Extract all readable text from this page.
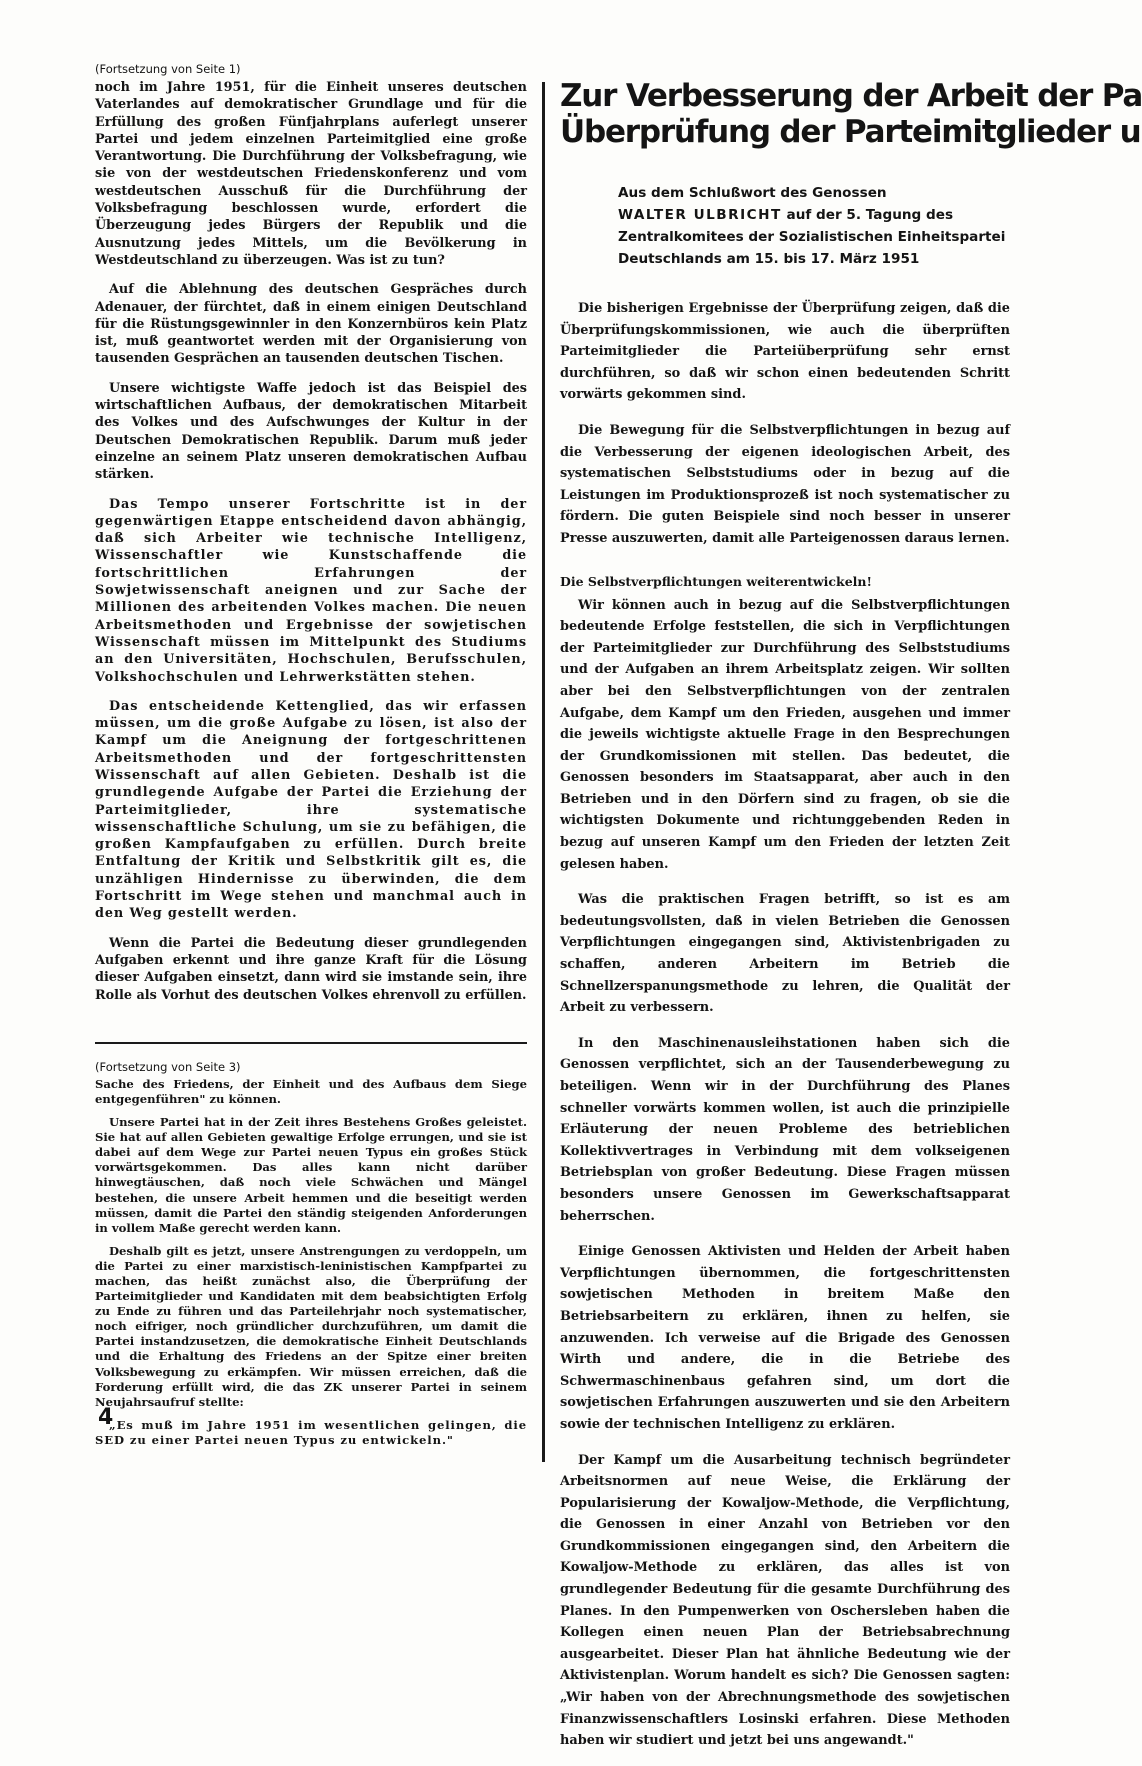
(Fortsetzung von Seite 1)

noch im Jahre 1951, für die Einheit unseres deutschen Vaterlandes auf demokratischer Grundlage und für die Erfüllung des großen Fünfjahrplans auferlegt unserer Partei und jedem einzelnen Parteimitglied eine große Verantwortung. Die Durchführung der Volksbefragung, wie sie von der westdeutschen Friedenskonferenz und vom westdeutschen Ausschuß für die Durchführung der Volksbefragung beschlossen wurde, erfordert die Überzeugung jedes Bürgers der Republik und die Ausnutzung jedes Mittels, um die Bevölkerung in Westdeutschland zu überzeugen. Was ist zu tun?

Auf die Ablehnung des deutschen Gespräches durch Adenauer, der fürchtet, daß in einem einigen Deutschland für die Rüstungsgewinnler in den Konzernbüros kein Platz ist, muß geantwortet werden mit der Organisierung von tausenden Gesprächen an tausenden deutschen Tischen.

Unsere wichtigste Waffe jedoch ist das Beispiel des wirtschaftlichen Aufbaus, der demokratischen Mitarbeit des Volkes und des Aufschwunges der Kultur in der Deutschen Demokratischen Republik. Darum muß jeder einzelne an seinem Platz unseren demokratischen Aufbau stärken.

Das Tempo unserer Fortschritte ist in der gegenwärtigen Etappe entscheidend davon abhängig, daß sich Arbeiter wie technische Intelligenz, Wissenschaftler wie Kunstschaffende die fortschrittlichen Erfahrungen der Sowjetwissenschaft aneignen und zur Sache der Millionen des arbeitenden Volkes machen. Die neuen Arbeitsmethoden und Ergebnisse der sowjetischen Wissenschaft müssen im Mittelpunkt des Studiums an den Universitäten, Hochschulen, Berufsschulen, Volkshochschulen und Lehrwerkstätten stehen.

Das entscheidende Kettenglied, das wir erfassen müssen, um die große Aufgabe zu lösen, ist also der Kampf um die Aneignung der fortgeschrittenen Arbeitsmethoden und der fortgeschrittensten Wissenschaft auf allen Gebieten. Deshalb ist die grundlegende Aufgabe der Partei die Erziehung der Parteimitglieder, ihre systematische wissenschaftliche Schulung, um sie zu befähigen, die großen Kampfaufgaben zu erfüllen. Durch breite Entfaltung der Kritik und Selbstkritik gilt es, die unzähligen Hindernisse zu überwinden, die dem Fortschritt im Wege stehen und manchmal auch in den Weg gestellt werden.

Wenn die Partei die Bedeutung dieser grundlegenden Aufgaben erkennt und ihre ganze Kraft für die Lösung dieser Aufgaben einsetzt, dann wird sie imstande sein, ihre Rolle als Vorhut des deutschen Volkes ehrenvoll zu erfüllen.

(Fortsetzung von Seite 3)

Sache des Friedens, der Einheit und des Aufbaus dem Siege entgegenführen" zu können.

Unsere Partei hat in der Zeit ihres Bestehens Großes geleistet. Sie hat auf allen Gebieten gewaltige Erfolge errungen, und sie ist dabei auf dem Wege zur Partei neuen Typus ein großes Stück vorwärtsgekommen. Das alles kann nicht darüber hinwegtäuschen, daß noch viele Schwächen und Mängel bestehen, die unsere Arbeit hemmen und die beseitigt werden müssen, damit die Partei den ständig steigenden Anforderungen in vollem Maße gerecht werden kann.

Deshalb gilt es jetzt, unsere Anstrengungen zu verdoppeln, um die Partei zu einer marxistisch-leninistischen Kampfpartei zu machen, das heißt zunächst also, die Überprüfung der Parteimitglieder und Kandidaten mit dem beabsichtigten Erfolg zu Ende zu führen und das Parteilehrjahr noch systematischer, noch eifriger, noch gründlicher durchzuführen, um damit die Partei instandzusetzen, die demokratische Einheit Deutschlands und die Erhaltung des Friedens an der Spitze einer breiten Volksbewegung zu erkämpfen. Wir müssen erreichen, daß die Forderung erfüllt wird, die das ZK unserer Partei in seinem Neujahrsaufruf stellte:

„Es muß im Jahre 1951 im wesentlichen gelingen, die SED zu einer Partei neuen Typus zu entwickeln."

Zur Verbesserung der Arbeit der Pa
Überprüfung der Parteimitglieder u
Aus dem Schlußwort des Genossen
WALTER ULBRICHT auf der 5. Tagung des
Zentralkomitees der Sozialistischen Einheitspartei
Deutschlands am 15. bis 17. März 1951

Die bisherigen Ergebnisse der Überprüfung zeigen, daß die Überprüfungskommissionen, wie auch die überprüften Parteimitglieder die Parteiüberprüfung sehr ernst durchführen, so daß wir schon einen bedeutenden Schritt vorwärts gekommen sind.

Die Bewegung für die Selbstverpflichtungen in bezug auf die Verbesserung der eigenen ideologischen Arbeit, des systematischen Selbststudiums oder in bezug auf die Leistungen im Produktionsprozeß ist noch systematischer zu fördern. Die guten Beispiele sind noch besser in unserer Presse auszuwerten, damit alle Parteigenossen daraus lernen.

Die Selbstverpflichtungen weiterentwickeln!

Wir können auch in bezug auf die Selbstverpflichtungen bedeutende Erfolge feststellen, die sich in Verpflichtungen der Parteimitglieder zur Durchführung des Selbststudiums und der Aufgaben an ihrem Arbeitsplatz zeigen. Wir sollten aber bei den Selbstverpflichtungen von der zentralen Aufgabe, dem Kampf um den Frieden, ausgehen und immer die jeweils wichtigste aktuelle Frage in den Besprechungen der Grundkomissionen mit stellen. Das bedeutet, die Genossen besonders im Staatsapparat, aber auch in den Betrieben und in den Dörfern sind zu fragen, ob sie die wichtigsten Dokumente und richtunggebenden Reden in bezug auf unseren Kampf um den Frieden der letzten Zeit gelesen haben.

Was die praktischen Fragen betrifft, so ist es am bedeutungsvollsten, daß in vielen Betrieben die Genossen Verpflichtungen eingegangen sind, Aktivistenbrigaden zu schaffen, anderen Arbeitern im Betrieb die Schnellzerspanungsmethode zu lehren, die Qualität der Arbeit zu verbessern.

In den Maschinenausleihstationen haben sich die Genossen verpflichtet, sich an der Tausenderbewegung zu beteiligen. Wenn wir in der Durchführung des Planes schneller vorwärts kommen wollen, ist auch die prinzipielle Erläuterung der neuen Probleme des betrieblichen Kollektivvertrages in Verbindung mit dem volkseigenen Betriebsplan von großer Bedeutung. Diese Fragen müssen besonders unsere Genossen im Gewerkschaftsapparat beherrschen.

Einige Genossen Aktivisten und Helden der Arbeit haben Verpflichtungen übernommen, die fortgeschrittensten sowjetischen Methoden in breitem Maße den Betriebsarbeitern zu erklären, ihnen zu helfen, sie anzuwenden. Ich verweise auf die Brigade des Genossen Wirth und andere, die in die Betriebe des Schwermaschinenbaus gefahren sind, um dort die sowjetischen Erfahrungen auszuwerten und sie den Arbeitern sowie der technischen Intelligenz zu erklären.

Der Kampf um die Ausarbeitung technisch begründeter Arbeitsnormen auf neue Weise, die Erklärung der Popularisierung der Kowaljow-Methode, die Verpflichtung, die Genossen in einer Anzahl von Betrieben vor den Grundkommissionen eingegangen sind, den Arbeitern die Kowaljow-Methode zu erklären, das alles ist von grundlegender Bedeutung für die gesamte Durchführung des Planes. In den Pumpenwerken von Oschersleben haben die Kollegen einen neuen Plan der Betriebsabrechnung ausgearbeitet. Dieser Plan hat ähnliche Bedeutung wie der Aktivistenplan. Worum handelt es sich? Die Genossen sagten: „Wir haben von der Abrechnungsmethode des sowjetischen Finanzwissenschaftlers Losinski erfahren. Diese Methoden haben wir studiert und jetzt bei uns angewandt."

4
